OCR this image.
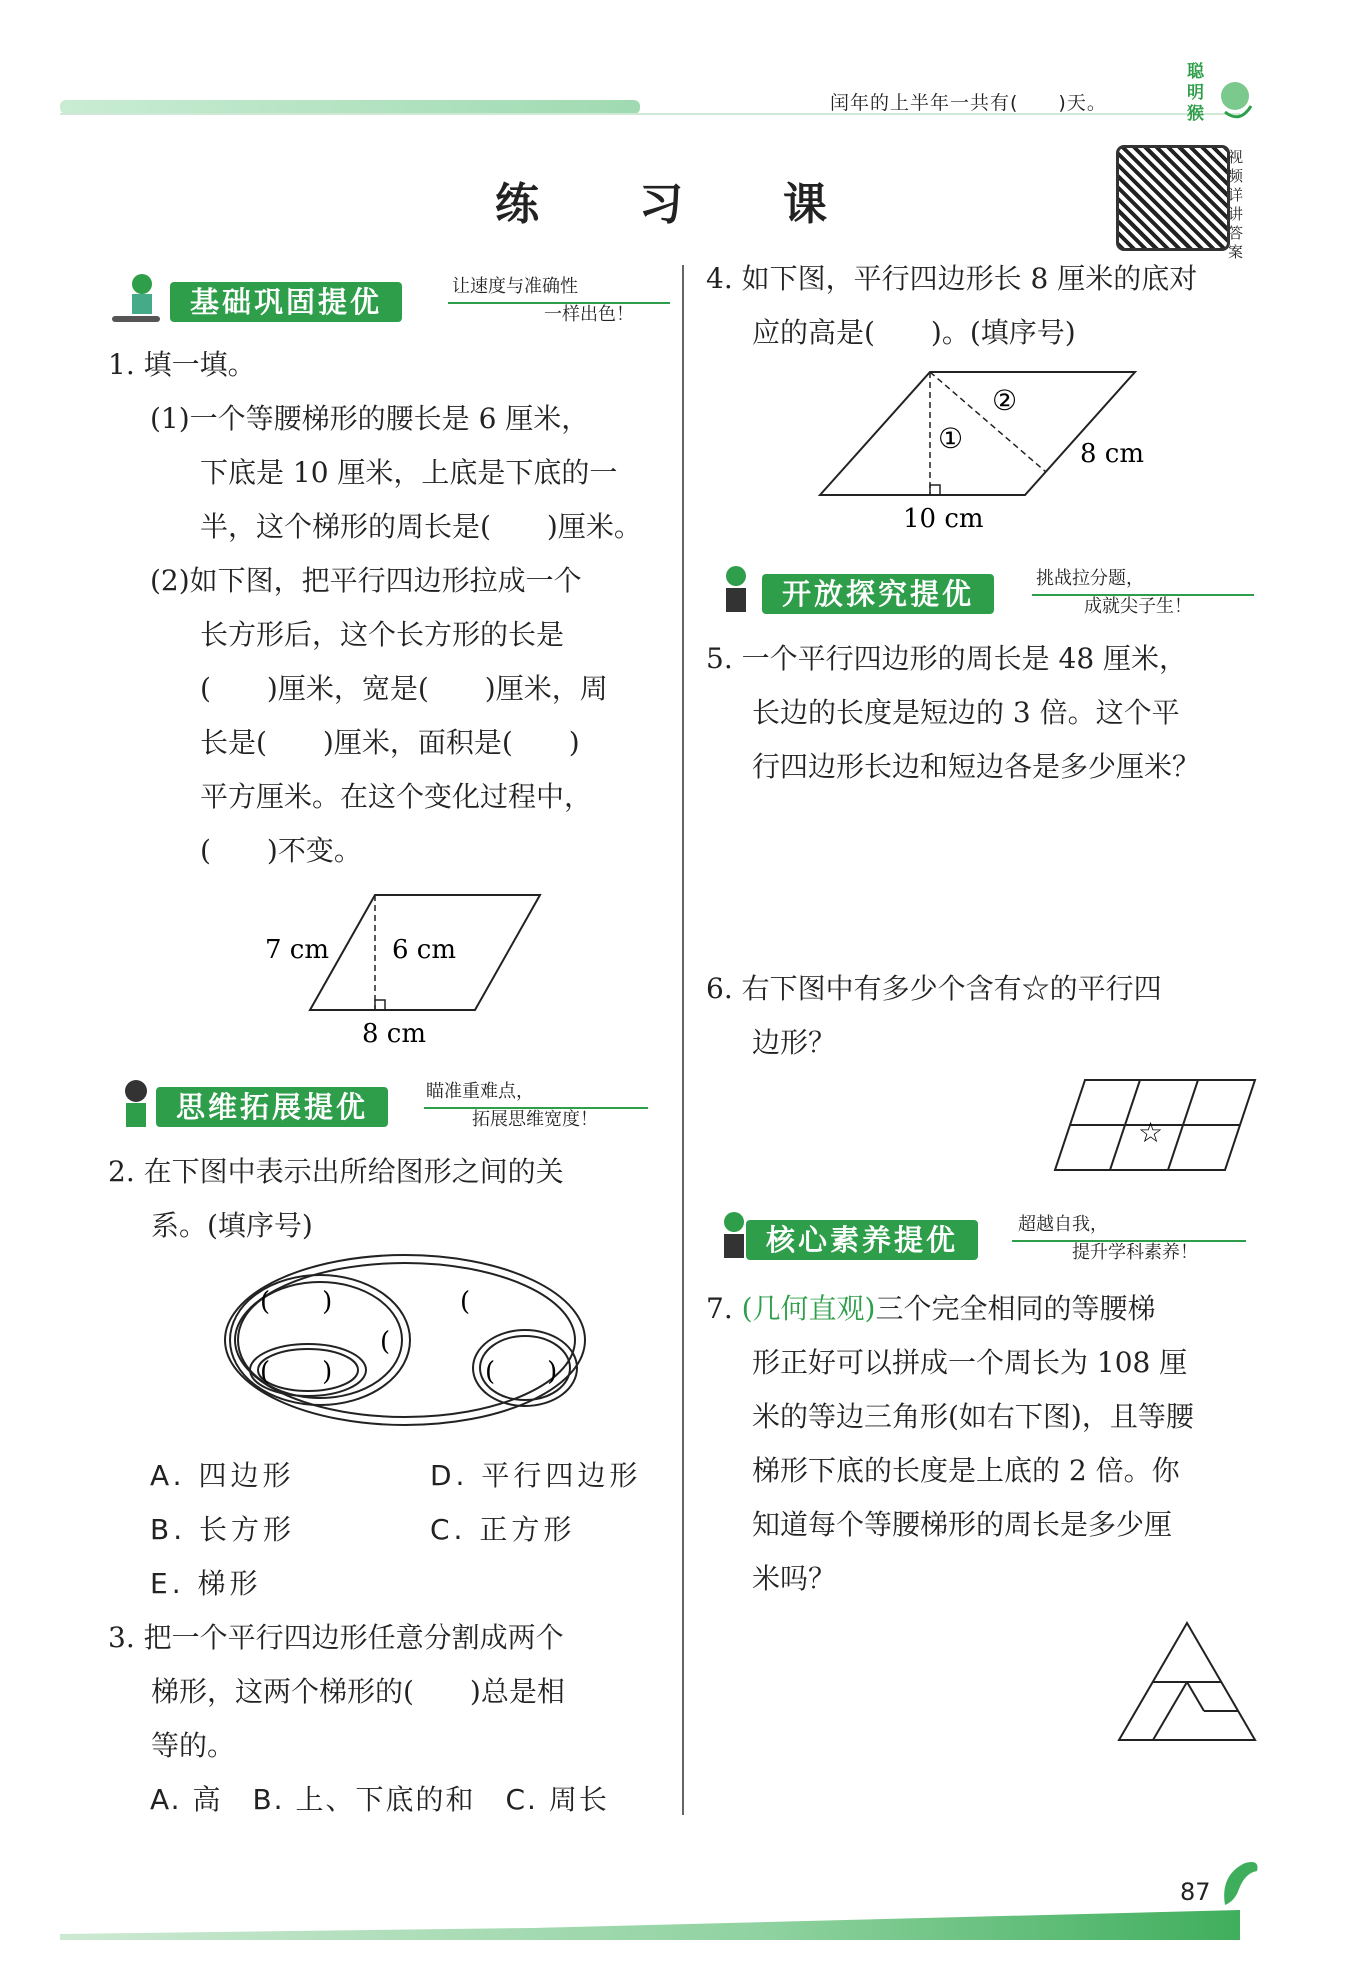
闰年的上半年一共有(　　)天。
聪明猴
练　习　课
视频详讲答案
基础巩固提优	让速度与准确性
一样出色！
1. 填一填。
(1)一个等腰梯形的腰长是 6 厘米，
下底是 10 厘米，上底是下底的一
半，这个梯形的周长是(　　)厘米。
(2)如下图，把平行四边形拉成一个
长方形后，这个长方形的长是
(　　)厘米，宽是(　　)厘米，周
长是(　　)厘米，面积是(　　)
平方厘米。在这个变化过程中，
(　　)不变。
7 cm 6 cm
8 cm
思维拓展提优	瞄准重难点，
拓展思维宽度！
2. 在下图中表示出所给图形之间的关
系。(填序号)
(　　)
(　　)
(
(
(　　)
A. 四边形	D. 平行四边形
B. 长方形	C. 正方形
E. 梯形
3. 把一个平行四边形任意分割成两个
梯形，这两个梯形的(　　)总是相
等的。
A. 高　B. 上、下底的和　C. 周长
4. 如下图，平行四边形长 8 厘米的底对
应的高是(　　)。(填序号)
①
②
8 cm
10 cm
开放探究提优	挑战拉分题，
成就尖子生！
5. 一个平行四边形的周长是 48 厘米，
长边的长度是短边的 3 倍。这个平
行四边形长边和短边各是多少厘米？
6. 右下图中有多少个含有☆的平行四
边形？
☆
核心素养提优	超越自我，
提升学科素养！
7. (几何直观)三个完全相同的等腰梯
形正好可以拼成一个周长为 108 厘
米的等边三角形(如右下图)，且等腰
梯形下底的长度是上底的 2 倍。你
知道每个等腰梯形的周长是多少厘
米吗？
87
